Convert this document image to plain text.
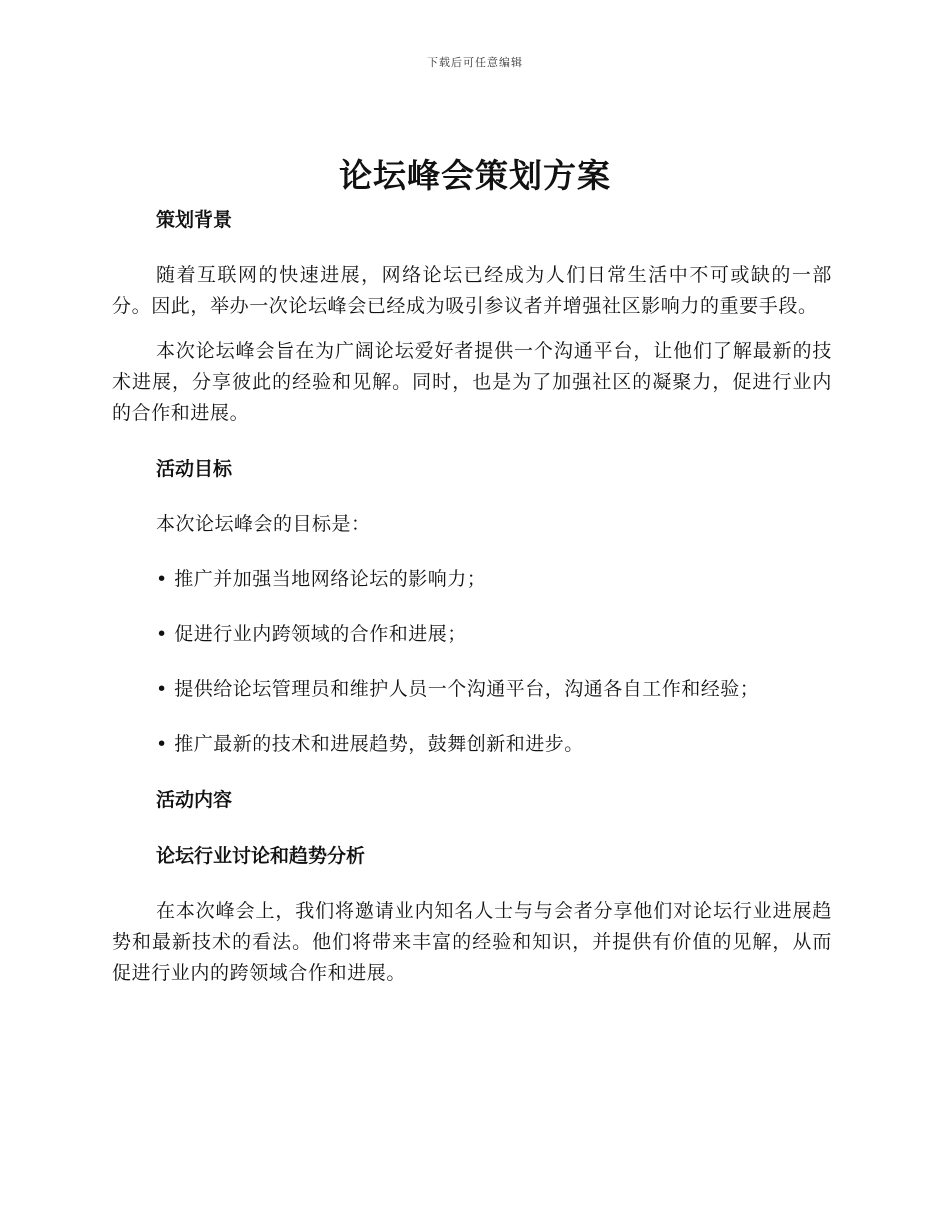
下载后可任意编辑
论坛峰会策划方案
策划背景

随着互联网的快速进展，网络论坛已经成为人们日常生活中不可或缺的一部分。因此，举办一次论坛峰会已经成为吸引参议者并增强社区影响力的重要手段。

本次论坛峰会旨在为广阔论坛爱好者提供一个沟通平台，让他们了解最新的技术进展，分享彼此的经验和见解。同时，也是为了加强社区的凝聚力，促进行业内的合作和进展。

活动目标

本次论坛峰会的目标是：

• 推广并加强当地网络论坛的影响力；

• 促进行业内跨领域的合作和进展；

• 提供给论坛管理员和维护人员一个沟通平台，沟通各自工作和经验；

• 推广最新的技术和进展趋势，鼓舞创新和进步。

活动内容
论坛行业讨论和趋势分析

在本次峰会上，我们将邀请业内知名人士与与会者分享他们对论坛行业进展趋势和最新技术的看法。他们将带来丰富的经验和知识，并提供有价值的见解，从而促进行业内的跨领域合作和进展。
